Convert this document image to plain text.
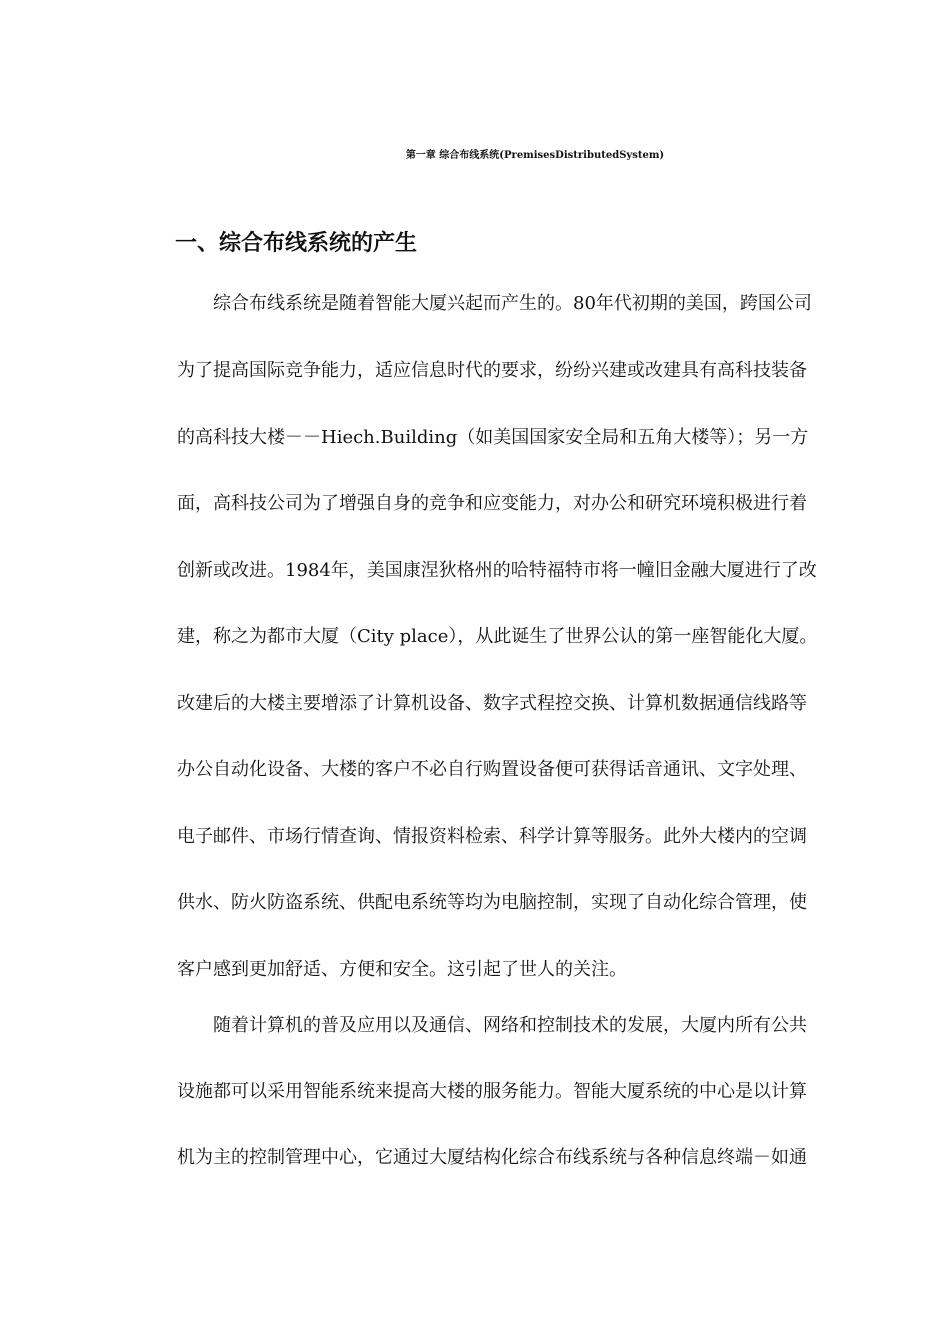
第一章 综合布线系统(PremisesDistributedSystem)
一、综合布线系统的产生
　　综合布线系统是随着智能大厦兴起而产生的。80年代初期的美国，跨国公司
为了提高国际竞争能力，适应信息时代的要求，纷纷兴建或改建具有高科技装备
的高科技大楼－－Hiech.Building（如美国国家安全局和五角大楼等）；另一方
面，高科技公司为了增强自身的竞争和应变能力，对办公和研究环境积极进行着
创新或改进。1984年，美国康涅狄格州的哈特福特市将一幢旧金融大厦进行了改
建，称之为都市大厦（City place），从此诞生了世界公认的第一座智能化大厦。
改建后的大楼主要增添了计算机设备、数字式程控交换、计算机数据通信线路等
办公自动化设备、大楼的客户不必自行购置设备便可获得话音通讯、文字处理、
电子邮件、市场行情查询、情报资料检索、科学计算等服务。此外大楼内的空调
供水、防火防盗系统、供配电系统等均为电脑控制，实现了自动化综合管理，使
客户感到更加舒适、方便和安全。这引起了世人的关注。
　　随着计算机的普及应用以及通信、网络和控制技术的发展，大厦内所有公共
设施都可以采用智能系统来提高大楼的服务能力。智能大厦系统的中心是以计算
机为主的控制管理中心，它通过大厦结构化综合布线系统与各种信息终端－如通
